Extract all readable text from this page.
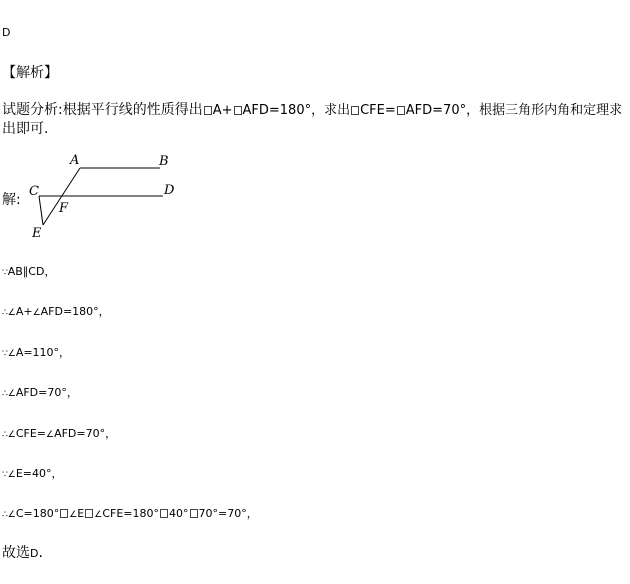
D
【解析】
试题分析:根据平行线的性质得出 A+ AFD=180°，求出 CFE= AFD=70°，根据三角形内角和定理求
出即可.
解:
A	B
C	D
F
E
∵AB∥CD，
∴∠A+∠AFD=180°，
∵∠A=110°，
∴∠AFD=70°，
∴∠CFE=∠AFD=70°，
∵∠E=40°，
∴∠C=180° ∠E ∠CFE=180° 40° 70°=70°，
故选D.
